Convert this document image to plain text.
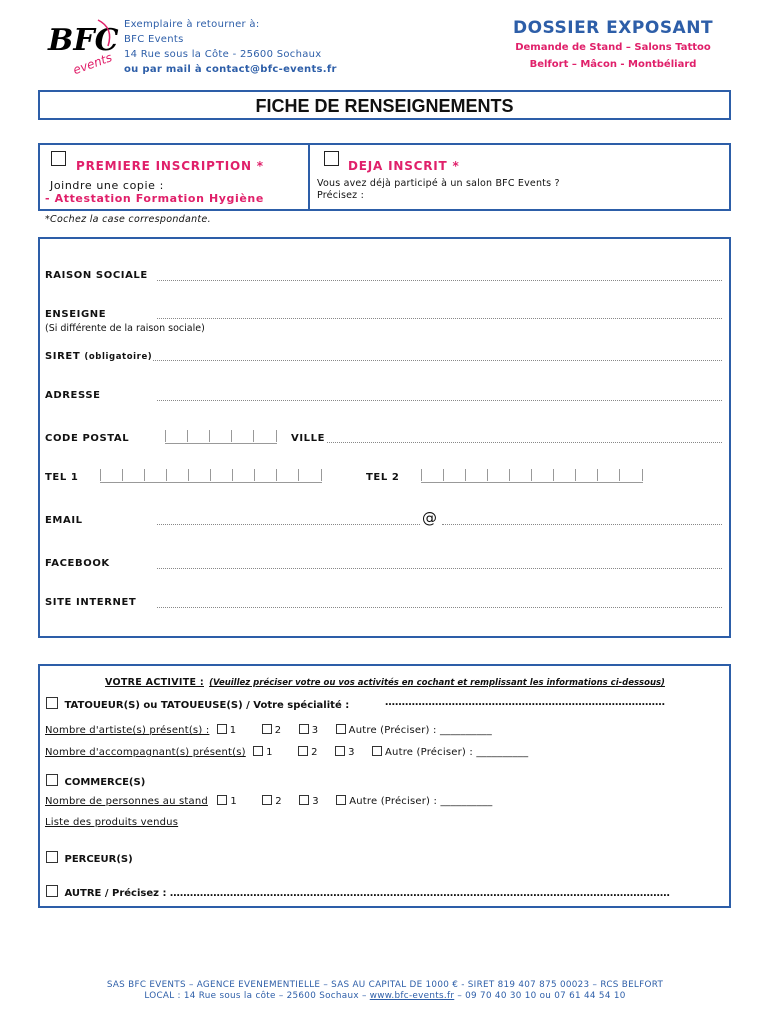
BFC
events
Exemplaire à retourner à:
BFC Events
14 Rue sous la Côte - 25600 Sochaux
ou par mail à contact@bfc-events.fr
DOSSIER EXPOSANT
Demande de Stand – Salons Tattoo
Belfort – Mâcon - Montbéliard
FICHE DE RENSEIGNEMENTS
PREMIERE INSCRIPTION *
Joindre une copie :
- Attestation Formation Hygiène
DEJA INSCRIT *
Vous avez déjà participé à un salon BFC Events ?
Précisez :
*Cochez la case correspondante.
RAISON SOCIALE
ENSEIGNE
(Si différente de la raison sociale)
SIRET (obligatoire)
ADRESSE
CODE POSTAL	VILLE
TEL 1	TEL 2
EMAIL	@
FACEBOOK
SITE INTERNET
VOTRE ACTIVITE : (Veuillez préciser votre ou vos activités en cochant et remplissant les informations ci-dessous)
TATOUEUR(S) ou TATOUEUSE(S) / Votre spécialité :	…………………………………………………………………………
Nombre d'artiste(s) présent(s) : 1	2	3	Autre (Préciser) : __________
Nombre d'accompagnant(s) présent(s) 1	2	3	Autre (Préciser) : __________
COMMERCE(S)
Nombre de personnes au stand 1	2	3	Autre (Préciser) : __________
Liste des produits vendus
PERCEUR(S)
AUTRE / Précisez : ……………………………………………………………………………………………………………………………………
SAS BFC EVENTS – AGENCE EVENEMENTIELLE – SAS AU CAPITAL DE 1000 € - SIRET 819 407 875 00023 – RCS BELFORT
LOCAL : 14 Rue sous la côte – 25600 Sochaux – www.bfc-events.fr – 09 70 40 30 10 ou 07 61 44 54 10
